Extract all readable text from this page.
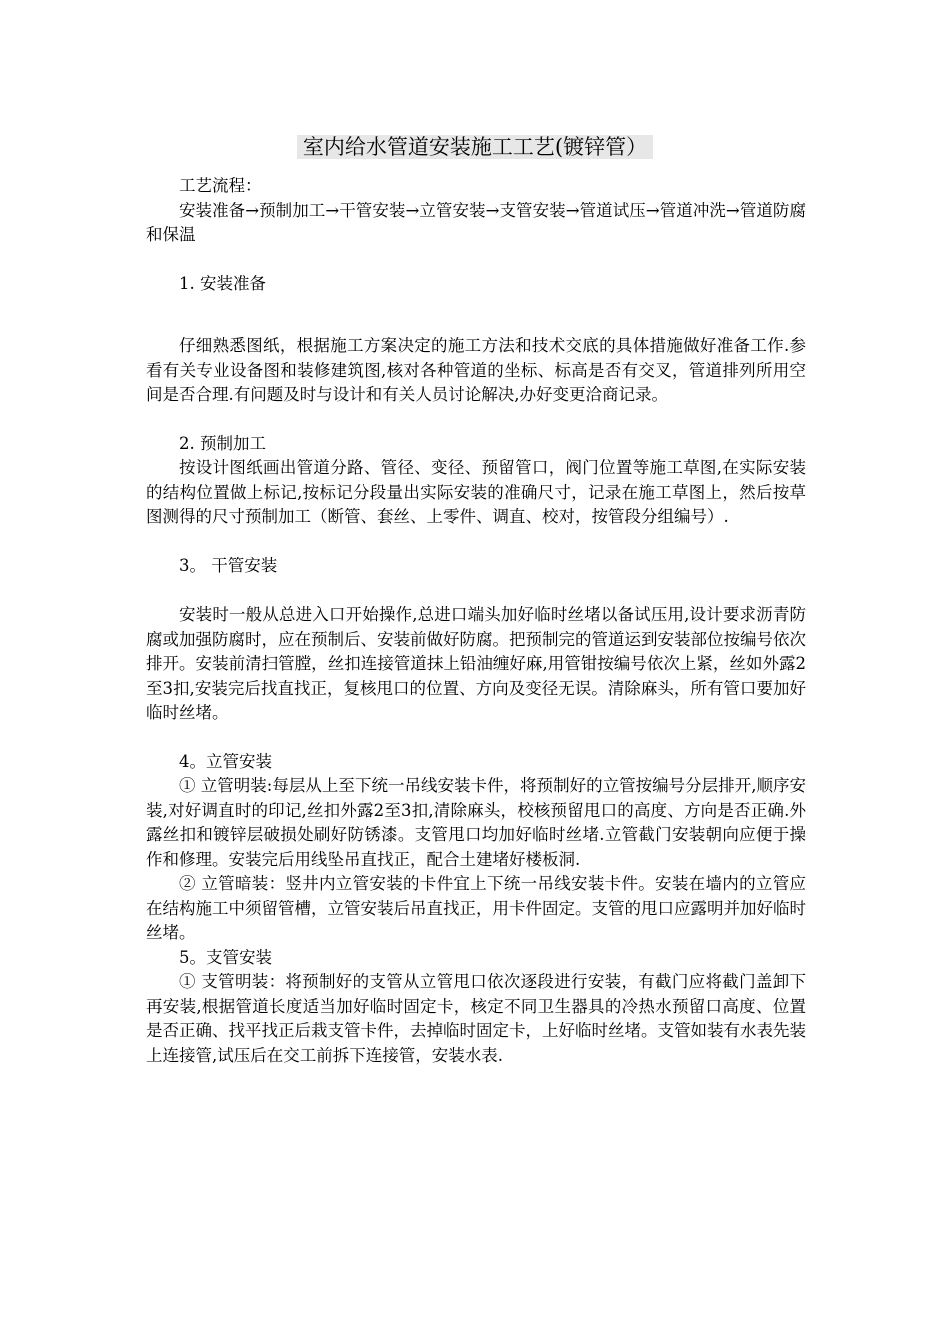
室内给水管道安装施工工艺(镀锌管）

工艺流程：

安装准备→预制加工→干管安装→立管安装→支管安装→管道试压→管道冲洗→管道防腐和保温

1. 安装准备

仔细熟悉图纸，根据施工方案决定的施工方法和技术交底的具体措施做好准备工作.参看有关专业设备图和装修建筑图,核对各种管道的坐标、标高是否有交叉，管道排列所用空间是否合理.有问题及时与设计和有关人员讨论解决,办好变更洽商记录。

2. 预制加工

按设计图纸画出管道分路、管径、变径、预留管口，阀门位置等施工草图,在实际安装的结构位置做上标记,按标记分段量出实际安装的准确尺寸，记录在施工草图上，然后按草图测得的尺寸预制加工（断管、套丝、上零件、调直、校对，按管段分组编号）.

3。 干管安装

安装时一般从总进入口开始操作,总进口端头加好临时丝堵以备试压用,设计要求沥青防腐或加强防腐时，应在预制后、安装前做好防腐。把预制完的管道运到安装部位按编号依次排开。安装前清扫管膛，丝扣连接管道抹上铅油缠好麻,用管钳按编号依次上紧，丝如外露2至3扣,安装完后找直找正，复核甩口的位置、方向及变径无误。清除麻头，所有管口要加好临时丝堵。

4。立管安装

① 立管明装:每层从上至下统一吊线安装卡件，将预制好的立管按编号分层排开,顺序安装,对好调直时的印记,丝扣外露2至3扣,清除麻头，校核预留甩口的高度、方向是否正确.外露丝扣和镀锌层破损处刷好防锈漆。支管甩口均加好临时丝堵.立管截门安装朝向应便于操作和修理。安装完后用线坠吊直找正，配合土建堵好楼板洞.

② 立管暗装：竖井内立管安装的卡件宜上下统一吊线安装卡件。安装在墙内的立管应在结构施工中须留管槽，立管安装后吊直找正，用卡件固定。支管的甩口应露明并加好临时丝堵。

5。支管安装

① 支管明装：将预制好的支管从立管甩口依次逐段进行安装，有截门应将截门盖卸下再安装,根据管道长度适当加好临时固定卡，核定不同卫生器具的冷热水预留口高度、位置是否正确、找平找正后栽支管卡件，去掉临时固定卡，上好临时丝堵。支管如装有水表先装上连接管,试压后在交工前拆下连接管，安装水表.
